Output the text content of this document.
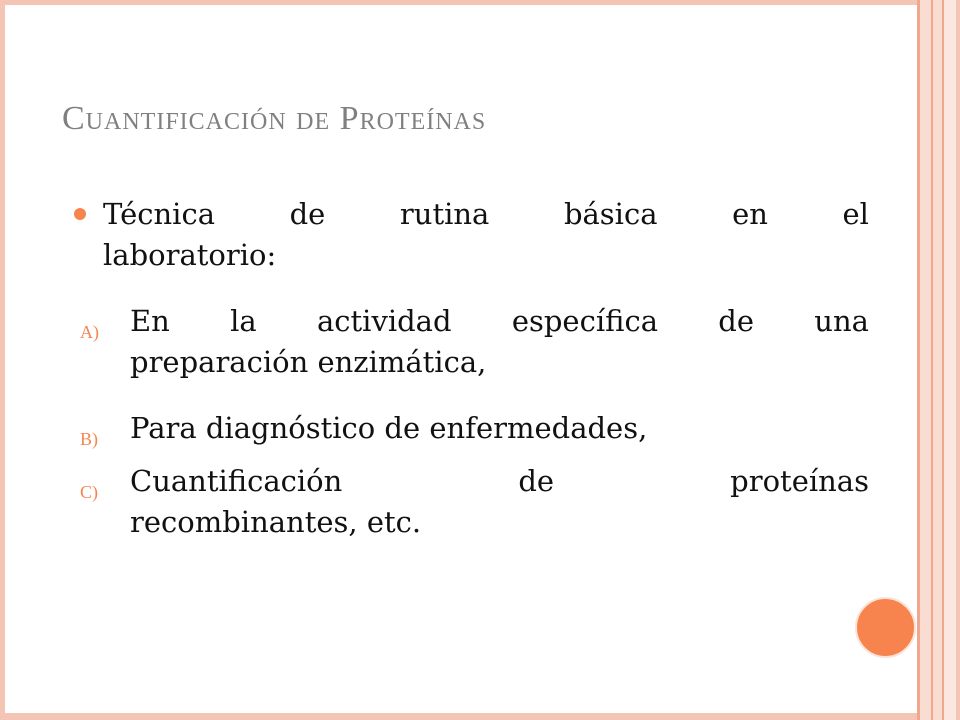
Cuantificación de Proteínas
Técnica	de	rutina	básica	en	el
laboratorio:
A) En la actividad específica de una
preparación enzimática,
B) Para diagnóstico de enfermedades,
C) Cuantificación	de	proteínas
recombinantes, etc.
